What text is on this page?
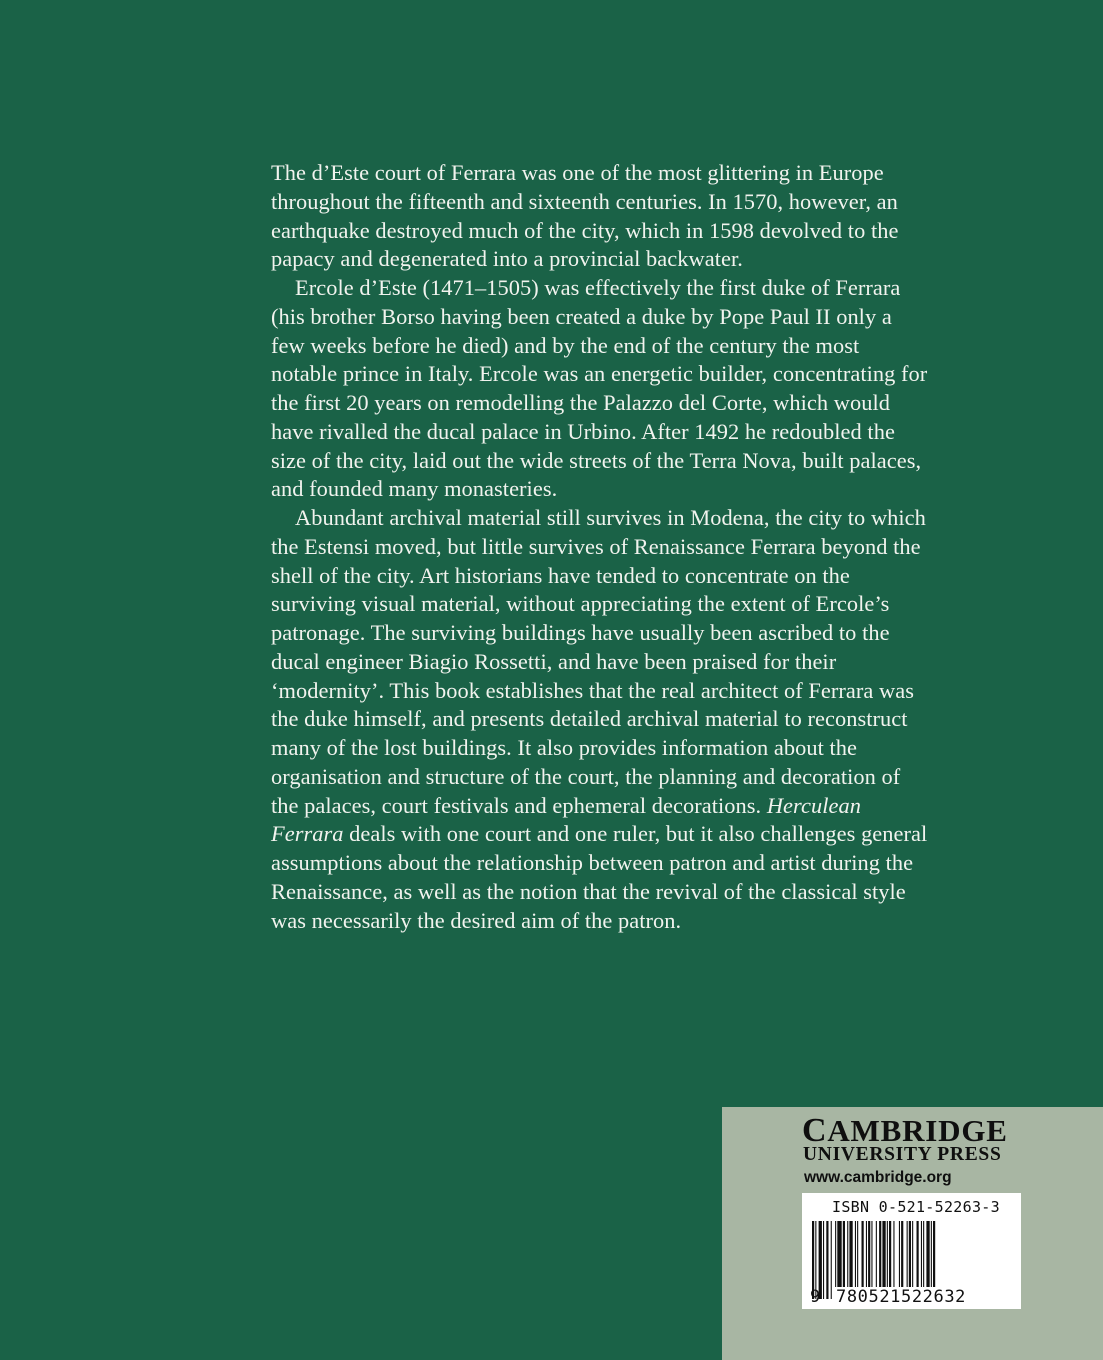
The d’Este court of Ferrara was one of the most glittering in Europe throughout the fifteenth and sixteenth centuries. In 1570, however, an earthquake destroyed much of the city, which in 1598 devolved to the papacy and degenerated into a provincial backwater.

Ercole d’Este (1471–1505) was effectively the first duke of Ferrara (his brother Borso having been created a duke by Pope Paul II only a few weeks before he died) and by the end of the century the most notable prince in Italy. Ercole was an energetic builder, concentrating for the first 20 years on remodelling the Palazzo del Corte, which would have rivalled the ducal palace in Urbino. After 1492 he redoubled the size of the city, laid out the wide streets of the Terra Nova, built palaces, and founded many monasteries.

Abundant archival material still survives in Modena, the city to which the Estensi moved, but little survives of Renaissance Ferrara beyond the shell of the city. Art historians have tended to concentrate on the surviving visual material, without appreciating the extent of Ercole’s patronage. The surviving buildings have usually been ascribed to the ducal engineer Biagio Rossetti, and have been praised for their ‘modernity’. This book establishes that the real architect of Ferrara was the duke himself, and presents detailed archival material to reconstruct many of the lost buildings. It also provides information about the organisation and structure of the court, the planning and decoration of the palaces, court festivals and ephemeral decorations. Herculean Ferrara deals with one court and one ruler, but it also challenges general assumptions about the relationship between patron and artist during the Renaissance, as well as the notion that the revival of the classical style was necessarily the desired aim of the patron.

CAMBRIDGE

UNIVERSITY PRESS

www.cambridge.org

ISBN 0-521-52263-3

9 780521522632
